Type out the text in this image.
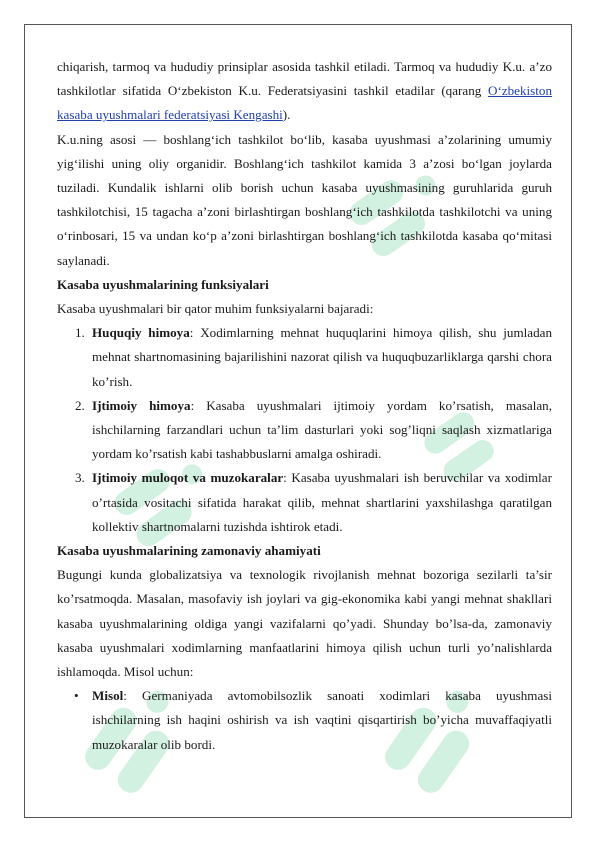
chiqarish, tarmoq va hududiy prinsiplar asosida tashkil etiladi. Tarmoq va hududiy K.u. a’zo tashkilotlar sifatida O‘zbekiston K.u. Federatsiyasini tashkil etadilar (qarang O‘zbekiston kasaba uyushmalari federatsiyasi Kengashi).

K.u.ning asosi — boshlang‘ich tashkilot bo‘lib, kasaba uyushmasi a’zolarining umumiy yig‘ilishi uning oliy organidir. Boshlang‘ich tashkilot kamida 3 a’zosi bo‘lgan joylarda tuziladi. Kundalik ishlarni olib borish uchun kasaba uyushmasining guruhlarida guruh tashkilotchisi, 15 tagacha a’zoni birlashtirgan boshlang‘ich tashkilotda tashkilotchi va uning o‘rinbosari, 15 va undan ko‘p a’zoni birlashtirgan boshlang‘ich tashkilotda kasaba qo‘mitasi saylanadi.

Kasaba uyushmalarining funksiyalari

Kasaba uyushmalari bir qator muhim funksiyalarni bajaradi:

1. Huquqiy himoya: Xodimlarning mehnat huquqlarini himoya qilish, shu jumladan mehnat shartnomasining bajarilishini nazorat qilish va huquqbuzarliklarga qarshi chora ko’rish.
2. Ijtimoiy himoya: Kasaba uyushmalari ijtimoiy yordam ko’rsatish, masalan, ishchilarning farzandlari uchun ta’lim dasturlari yoki sog’liqni saqlash xizmatlariga yordam ko’rsatish kabi tashabbuslarni amalga oshiradi.
3. Ijtimoiy muloqot va muzokaralar: Kasaba uyushmalari ish beruvchilar va xodimlar o’rtasida vositachi sifatida harakat qilib, mehnat shartlarini yaxshilashga qaratilgan kollektiv shartnomalarni tuzishda ishtirok etadi.

Kasaba uyushmalarining zamonaviy ahamiyati

Bugungi kunda globalizatsiya va texnologik rivojlanish mehnat bozoriga sezilarli ta’sir ko’rsatmoqda. Masalan, masofaviy ish joylari va gig-ekonomika kabi yangi mehnat shakllari kasaba uyushmalarining oldiga yangi vazifalarni qo’yadi. Shunday bo’lsa-da, zamonaviy kasaba uyushmalari xodimlarning manfaatlarini himoya qilish uchun turli yo’nalishlarda ishlamoqda. Misol uchun:

• Misol: Germaniyada avtomobilsozlik sanoati xodimlari kasaba uyushmasi ishchilarning ish haqini oshirish va ish vaqtini qisqartirish bo’yicha muvaffaqiyatli muzokaralar olib bordi.
